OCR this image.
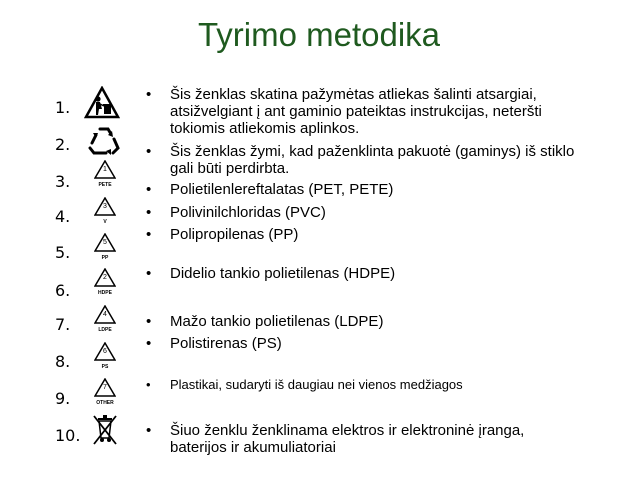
Tyrimo metodika
1.
2.
3.
4.
5.
6.
7.
8.
9.
10.
1
PETE
3
V
5
PP
2
HDPE
4
LDPE
6
PS
7
OTHER
• Šis ženklas skatina pažymėtas atliekas šalinti atsargiai,
atsižvelgiant į ant gaminio pateiktas instrukcijas, neteršti
tokiomis atliekomis aplinkos.
• Šis ženklas žymi, kad paženklinta pakuotė (gaminys) iš stiklo
gali būti perdirbta.
• Polietilenlereftalatas (PET, PETE)
• Polivinilchloridas (PVC)
• Polipropilenas (PP)
• Didelio tankio polietilenas (HDPE)
• Mažo tankio polietilenas (LDPE)
• Polistirenas (PS)
• Plastikai, sudaryti iš daugiau nei vienos medžiagos
• Šiuo ženklu ženklinama elektros ir elektroninė įranga,
baterijos ir akumuliatoriai
